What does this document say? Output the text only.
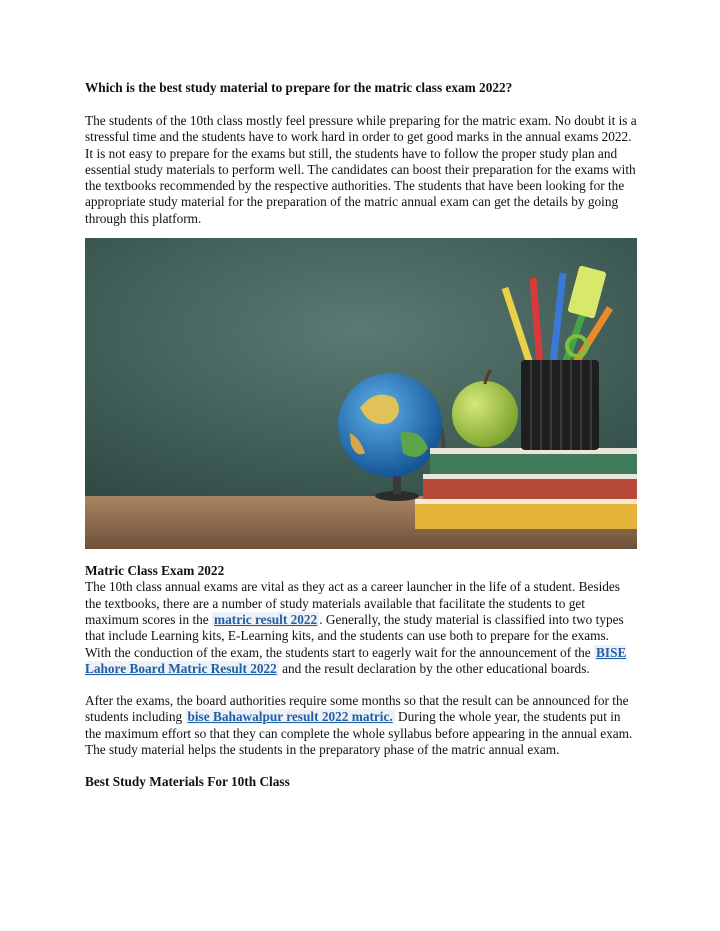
Which is the best study material to prepare for the matric class exam 2022?

The students of the 10th class mostly feel pressure while preparing for the matric exam. No doubt it is a stressful time and the students have to work hard in order to get good marks in the annual exams 2022. It is not easy to prepare for the exams but still, the students have to follow the proper study plan and essential study materials to perform well. The candidates can boost their preparation for the exams with the textbooks recommended by the respective authorities. The students that have been looking for the appropriate study material for the preparation of the matric annual exam can get the details by going through this platform.

Matric Class Exam 2022

The 10th class annual exams are vital as they act as a career launcher in the life of a student. Besides the textbooks, there are a number of study materials available that facilitate the students to get maximum scores in the matric result 2022 . Generally, the study material is classified into two types that include Learning kits, E-Learning kits, and the students can use both to prepare for the exams. With the conduction of the exam, the students start to eagerly wait for the announcement of the BISE Lahore Board Matric Result 2022 and the result declaration by the other educational boards.

After the exams, the board authorities require some months so that the result can be announced for the students including bise Bahawalpur result 2022 matric. During the whole year, the students put in the maximum effort so that they can complete the whole syllabus before appearing in the annual exam. The study material helps the students in the preparatory phase of the matric annual exam.

Best Study Materials For 10th Class
